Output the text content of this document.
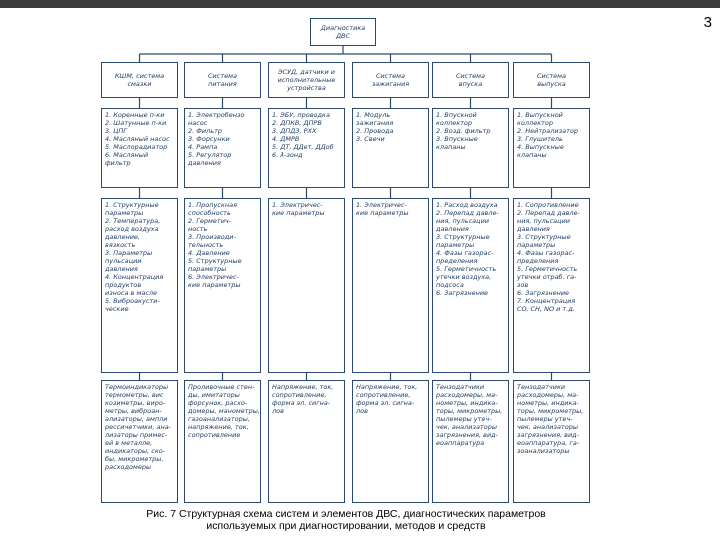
3
Диагностика
ДВС
КШМ, система
смазки
1. Коренные п-ки
2. Шатунные п-ки
3. ЦПГ
4. Масляный насос
5. Маслорадиатор
6. Масляный
фильтр
1. Структурные
параметры
2. Температура,
расход воздуха
давление,
вязкость
3. Параметры
пульсации
давления
4. Концентрация
продуктов
износа в масле
5. Виброакусти-
ческие
Термоиндикаторы
термометры, вис
козиметры, виро-
метры, виброан-
ализаторы, ампли
рессичетчики, ана-
лизаторы примес-
ей в металле,
индикаторы, ско-
бы, микрометры,
расходомеры
Система
питания
1. Электробензо
насос
2. Фильтр
3. Форсунки
4. Рампа
5. Регулятор
давления
1. Пропускная
способность
2. Герметич-
ность
3. Производи-
тельность
4. Давление
5. Структурные
параметры
6. Электричес-
кие параметры
Проливочные стен-
ды, имитаторы
форсунок, расхо-
домеры, манометры,
газоанализаторы,
напряжение, ток,
сопротивление
ЭСУД, датчики и
исполнительные
устройства
1. ЭБУ, проводка
2. ДПКВ, ДПРВ
3. ДПДЗ, РХХ
4. ДМРВ
5. ДТ, ДДет, ДДоб
6. λ-зонд
1. Электричес-
кие параметры
Напряжение, ток,
сопротивление,
форма эл. сигна-
лов
Система
зажигания
1. Модуль
зажигания
2. Провода
3. Свечи
1. Электричес-
кие параметры
Напряжение, ток,
сопротивление,
форма эл. сигна-
лов
Система
впуска
1. Впускной
коллектор
2. Возд. фильтр
3. Впускные
клапаны
1. Расход воздуха
2. Перепад давле-
ния, пульсации
давления
3. Структурные
параметры
4. Фазы газорас-
пределения
5. Герметичность
утечки воздуха,
подсоса
6. Загрязнение
Тензодатчики
расходомеры, ма-
нометры, индика-
торы, микрометры,
пылемеры утеч-
чек, анализаторы
загрязнения, вид-
еоаппаратура
Система
выпуска
1. Выпускной
коллектор
2. Нейтрализатор
3. Глушитель
4. Выпускные
клапаны
1. Сопротивление
2. Перепад давле-
ния, пульсации
давления
3. Структурные
параметры
4. Фазы газорас-
пределения
5. Герметичность
утечки отраб. га-
зов
6. Загрязнение
7. Концентрация
CO, CH, NO и т.д.
Тензодатчики
расходомеры, ма-
нометры, индика-
торы, микрометры,
пылемеры утеч-
чек, анализаторы
загрязнения, вид-
еоаппаратура, га-
зоанализаторы
Рис. 7 Структурная схема систем и элементов ДВС, диагностических параметров
используемых при диагностировании, методов и средств
